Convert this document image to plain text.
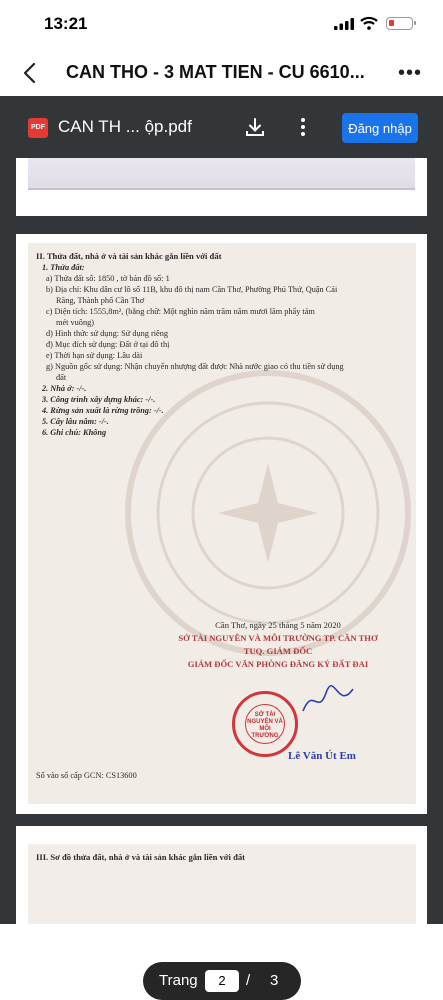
13:21
CAN THO - 3 MAT TIEN - CU 6610...	•••
PDF CAN TH ... ộp.pdf	Đăng nhập
II. Thửa đất, nhà ở và tài sản khác gắn liền với đất
1. Thửa đất:
a) Thửa đất số: 1850 , tờ bản đồ số: 1
b) Địa chỉ: Khu dân cư lô số 11B, khu đô thị nam Cần Thơ, Phường Phú Thứ, Quận Cái
Răng, Thành phố Cần Thơ
c) Diện tích: 1555,8m², (bằng chữ: Một nghìn năm trăm năm mươi lăm phẩy tám
mét vuông)
d) Hình thức sử dụng: Sử dụng riêng
đ) Mục đích sử dụng: Đất ở tại đô thị
e) Thời hạn sử dụng: Lâu dài
g) Nguồn gốc sử dụng: Nhận chuyển nhượng đất được Nhà nước giao có thu tiền sử dụng
đất
2. Nhà ở: -/-.
3. Công trình xây dựng khác: -/-.
4. Rừng sản xuất là rừng trồng: -/-.
5. Cây lâu năm: -/-.
6. Ghi chú: Không
Cần Thơ, ngày 25 tháng 5 năm 2020
SỞ TÀI NGUYÊN VÀ MÔI TRƯỜNG TP. CẦN THƠ
TUQ. GIÁM ĐỐC
GIÁM ĐỐC VĂN PHÒNG ĐĂNG KÝ ĐẤT ĐAI
SỞ TÀI NGUYÊN VÀ MÔI TRƯỜNG
Lê Văn Út Em
Số vào sổ cấp GCN: CS13600
III. Sơ đồ thửa đất, nhà ở và tài sản khác gắn liền với đất
Trang	2	/ 3
